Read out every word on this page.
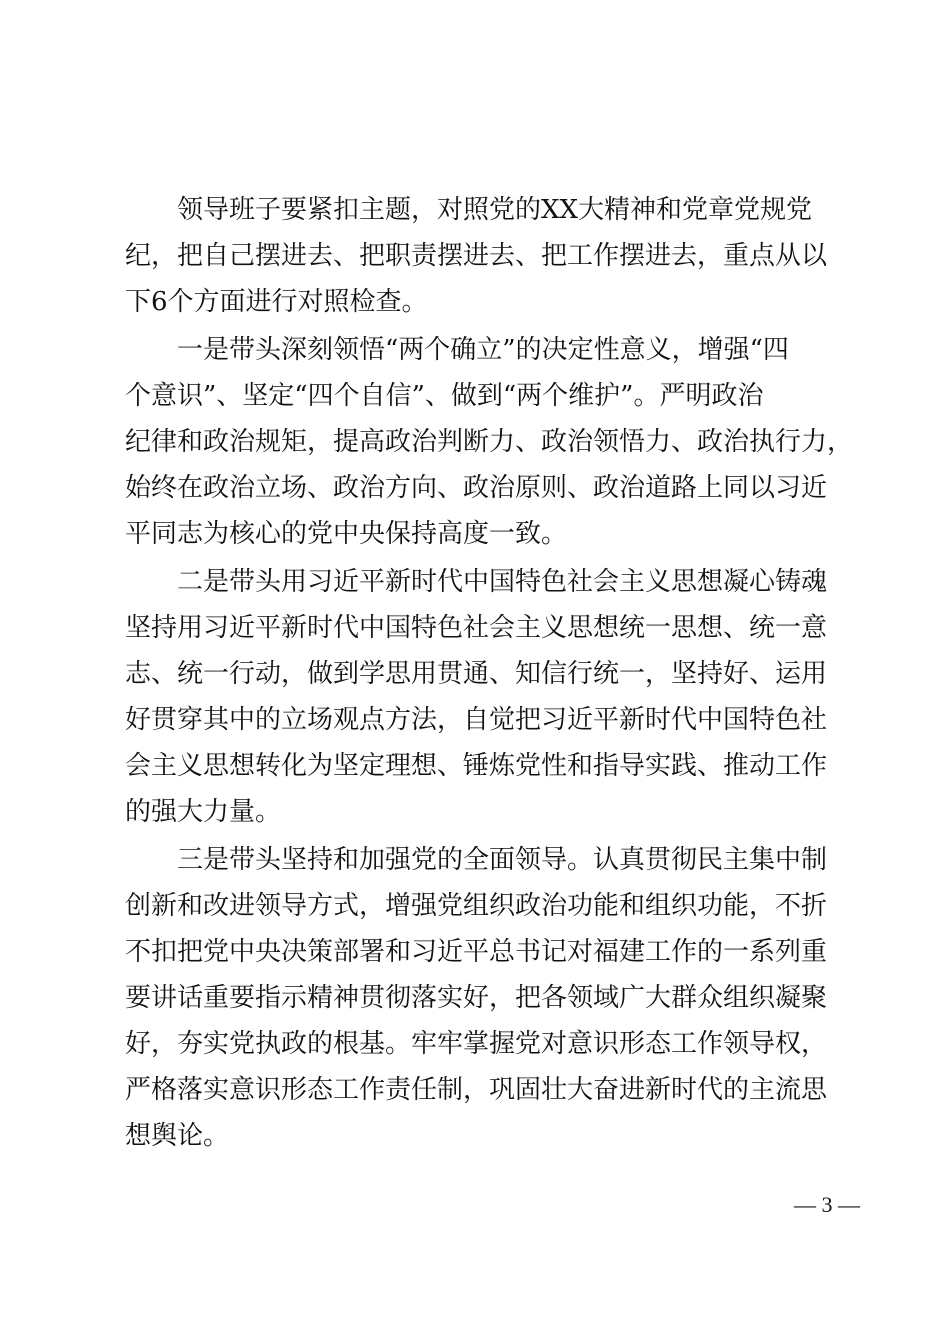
领导班子要紧扣主题，对照党的XX大精神和党章党规党
纪，把自己摆进去、把职责摆进去、把工作摆进去，重点从以
下6个方面进行对照检查。
一是带头深刻领悟“两个确立”的决定性意义，增强“四
个意识”、坚定“四个自信”、做到“两个维护”。严明政治
纪律和政治规矩，提高政治判断力、政治领悟力、政治执行力，
始终在政治立场、政治方向、政治原则、政治道路上同以习近
平同志为核心的党中央保持高度一致。
二是带头用习近平新时代中国特色社会主义思想凝心铸魂
坚持用习近平新时代中国特色社会主义思想统一思想、统一意
志、统一行动，做到学思用贯通、知信行统一，坚持好、运用
好贯穿其中的立场观点方法，自觉把习近平新时代中国特色社
会主义思想转化为坚定理想、锤炼党性和指导实践、推动工作
的强大力量。
三是带头坚持和加强党的全面领导。认真贯彻民主集中制
创新和改进领导方式，增强党组织政治功能和组织功能，不折
不扣把党中央决策部署和习近平总书记对福建工作的一系列重
要讲话重要指示精神贯彻落实好，把各领域广大群众组织凝聚
好，夯实党执政的根基。牢牢掌握党对意识形态工作领导权，
严格落实意识形态工作责任制，巩固壮大奋进新时代的主流思
想舆论。
— 3 —
